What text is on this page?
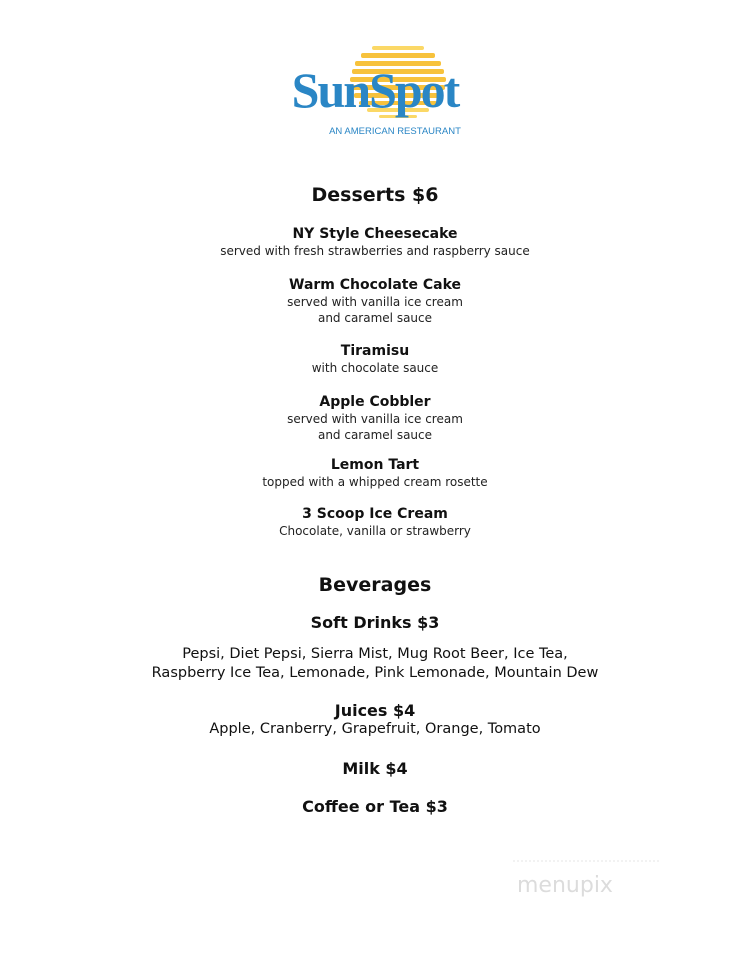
SunSpot
AN AMERICAN RESTAURANT
Desserts $6
NY Style Cheesecake
served with fresh strawberries and raspberry sauce
Warm Chocolate Cake
served with vanilla ice cream
and caramel sauce
Tiramisu
with chocolate sauce
Apple Cobbler
served with vanilla ice cream
and caramel sauce
Lemon Tart
topped with a whipped cream rosette
3 Scoop Ice Cream
Chocolate, vanilla or strawberry
Beverages
Soft Drinks $3
Pepsi, Diet Pepsi, Sierra Mist, Mug Root Beer, Ice Tea,
Raspberry Ice Tea, Lemonade, Pink Lemonade, Mountain Dew
Juices $4
Apple, Cranberry, Grapefruit, Orange, Tomato
Milk $4
Coffee or Tea $3
menupix
